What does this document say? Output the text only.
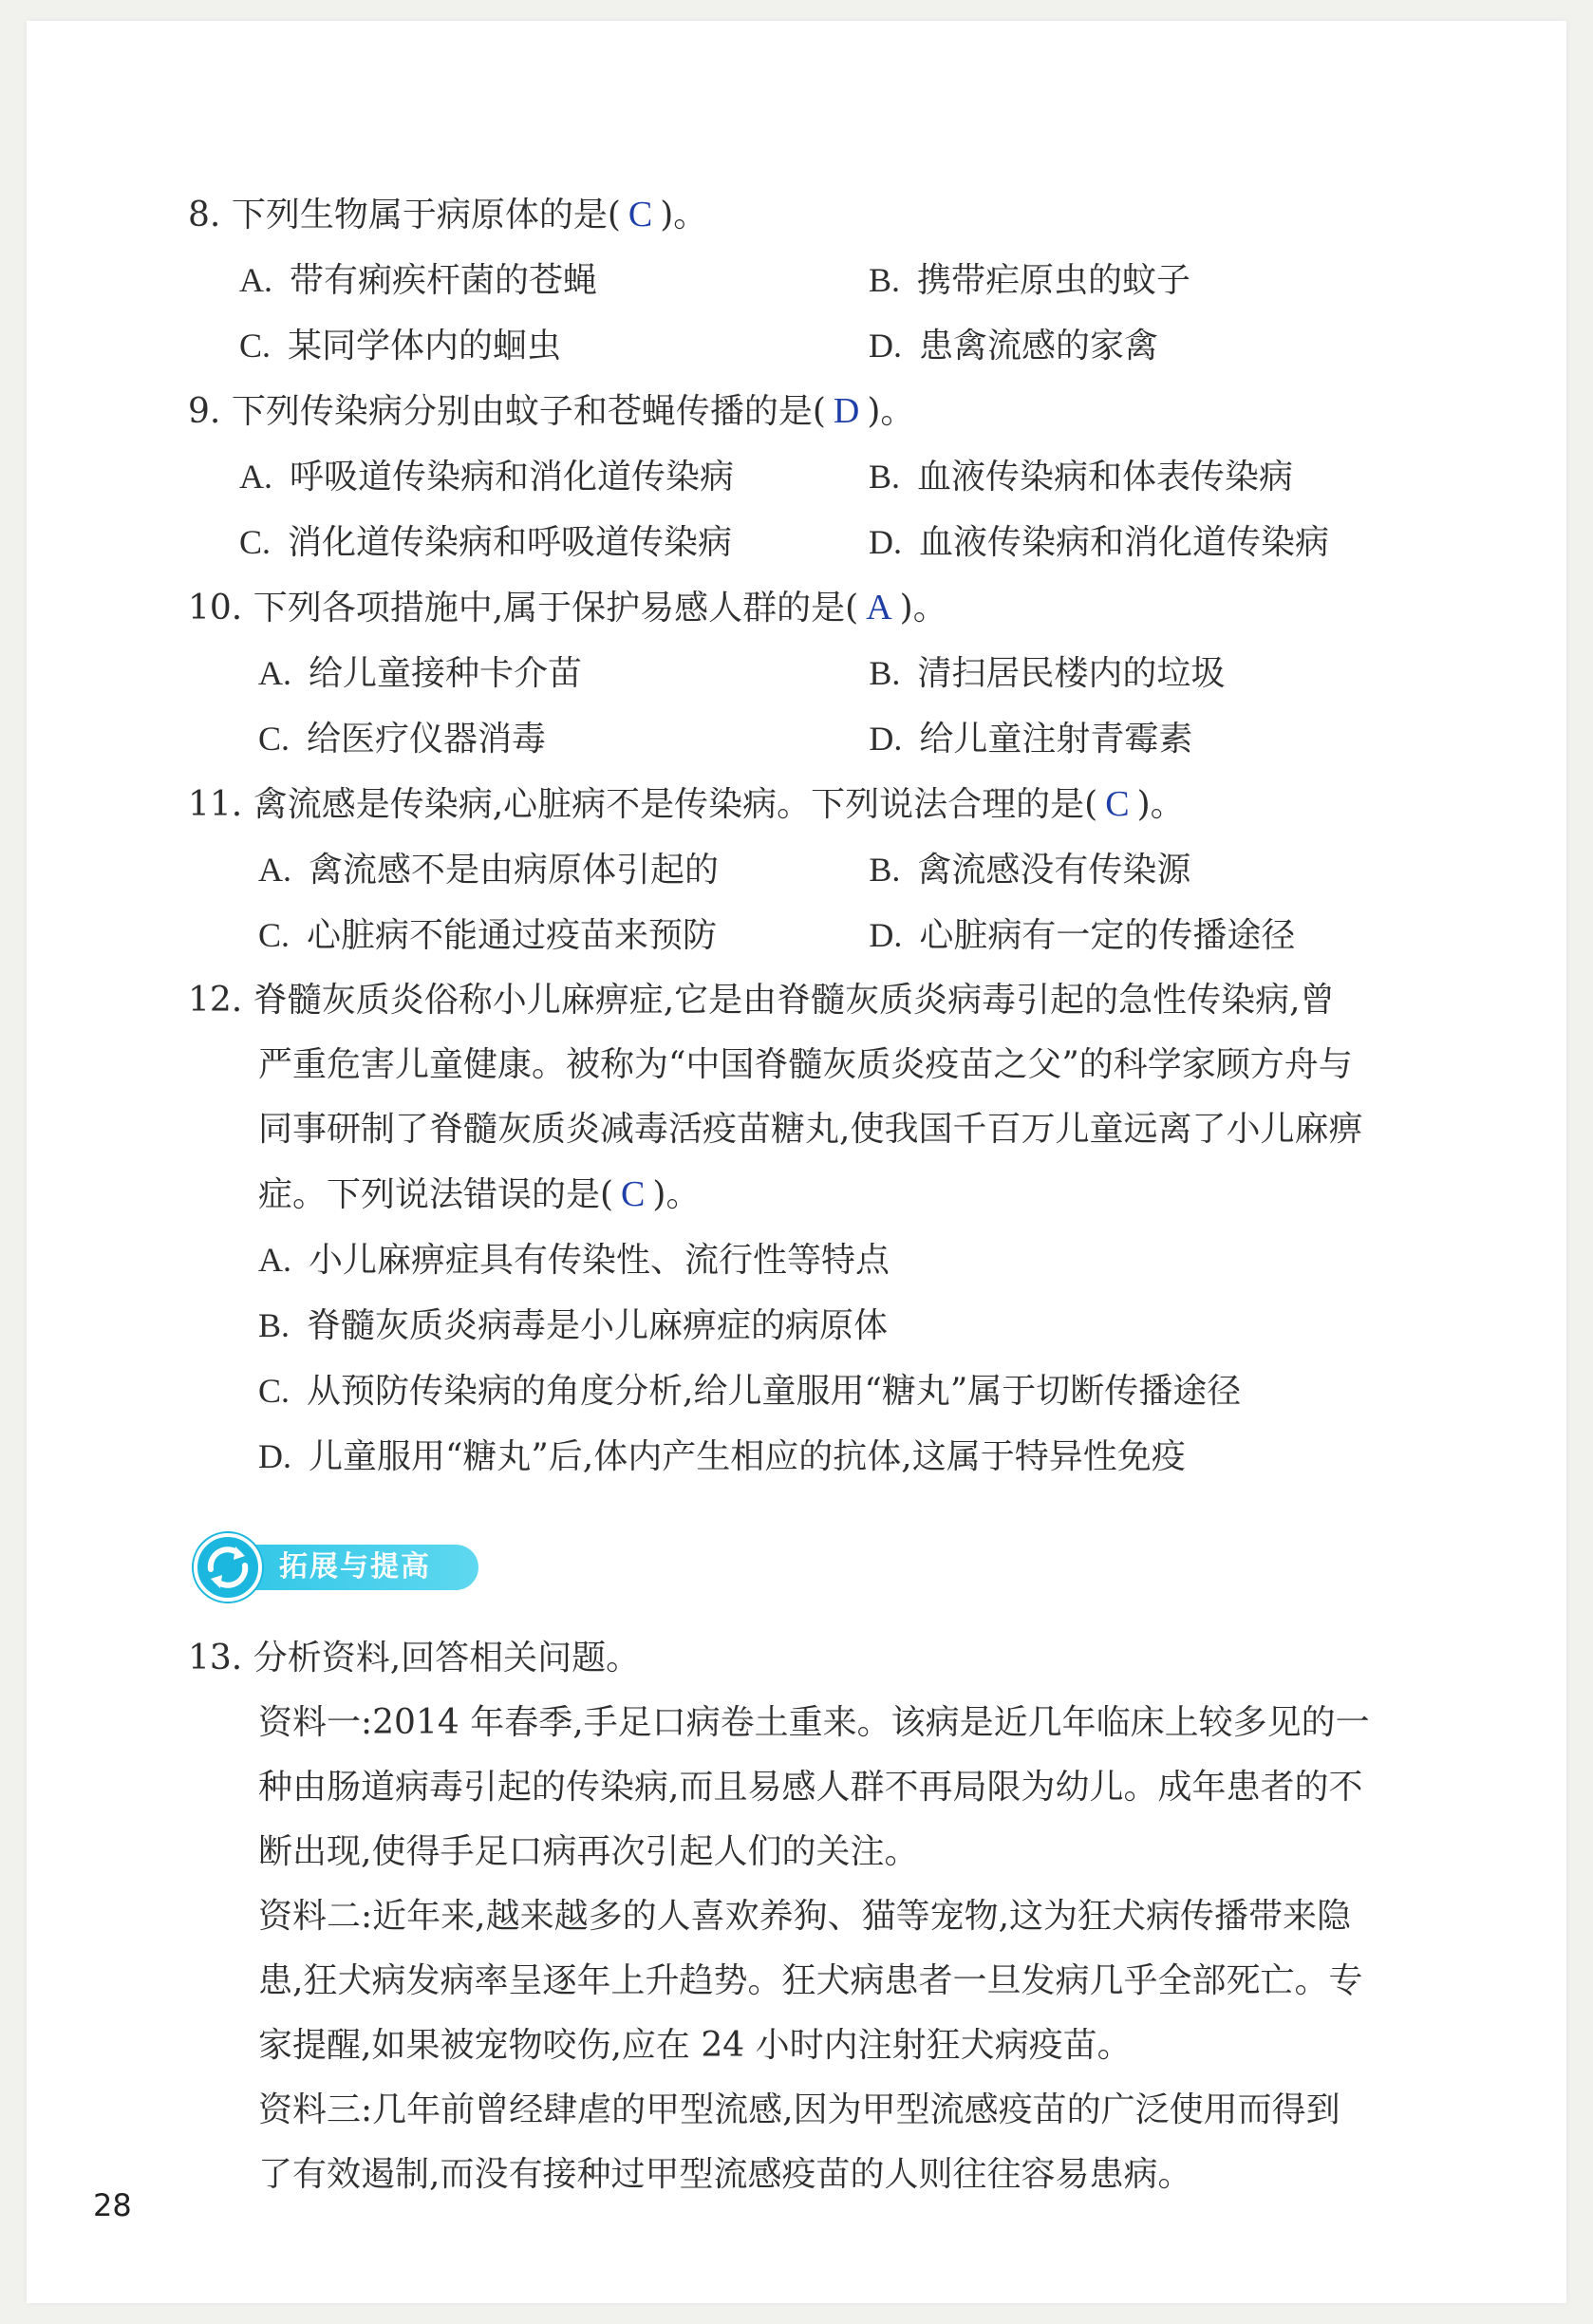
8. 下列生物属于病原体的是( C )。
A. 带有痢疾杆菌的苍蝇	B. 携带疟原虫的蚊子
C. 某同学体内的蛔虫	D. 患禽流感的家禽
9. 下列传染病分别由蚊子和苍蝇传播的是( D )。
A. 呼吸道传染病和消化道传染病	B. 血液传染病和体表传染病
C. 消化道传染病和呼吸道传染病	D. 血液传染病和消化道传染病
10. 下列各项措施中,属于保护易感人群的是( A )。
A. 给儿童接种卡介苗	B. 清扫居民楼内的垃圾
C. 给医疗仪器消毒	D. 给儿童注射青霉素
11. 禽流感是传染病,心脏病不是传染病。下列说法合理的是( C )。
A. 禽流感不是由病原体引起的	B. 禽流感没有传染源
C. 心脏病不能通过疫苗来预防	D. 心脏病有一定的传播途径
12. 脊髓灰质炎俗称小儿麻痹症,它是由脊髓灰质炎病毒引起的急性传染病,曾
严重危害儿童健康。被称为“中国脊髓灰质炎疫苗之父”的科学家顾方舟与
同事研制了脊髓灰质炎减毒活疫苗糖丸,使我国千百万儿童远离了小儿麻痹
症。下列说法错误的是( C )。
A. 小儿麻痹症具有传染性、流行性等特点
B. 脊髓灰质炎病毒是小儿麻痹症的病原体
C. 从预防传染病的角度分析,给儿童服用“糖丸”属于切断传播途径
D. 儿童服用“糖丸”后,体内产生相应的抗体,这属于特异性免疫
拓展与提高
13. 分析资料,回答相关问题。
资料一:2014 年春季,手足口病卷土重来。该病是近几年临床上较多见的一
种由肠道病毒引起的传染病,而且易感人群不再局限为幼儿。成年患者的不
断出现,使得手足口病再次引起人们的关注。
资料二:近年来,越来越多的人喜欢养狗、猫等宠物,这为狂犬病传播带来隐
患,狂犬病发病率呈逐年上升趋势。狂犬病患者一旦发病几乎全部死亡。专
家提醒,如果被宠物咬伤,应在 24 小时内注射狂犬病疫苗。
资料三:几年前曾经肆虐的甲型流感,因为甲型流感疫苗的广泛使用而得到
了有效遏制,而没有接种过甲型流感疫苗的人则往往容易患病。
28
